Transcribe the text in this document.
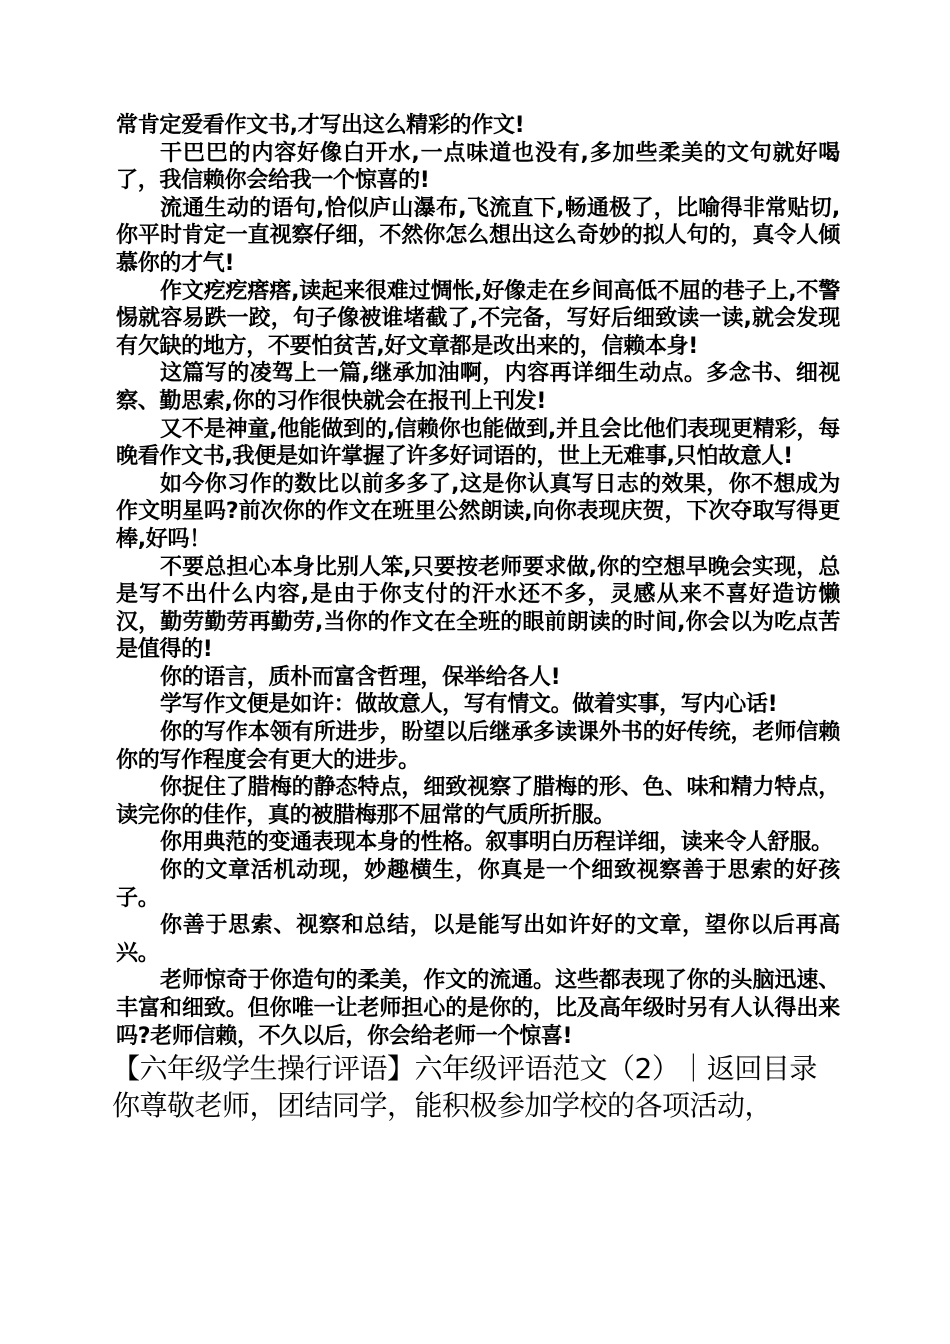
常肯定爱看作文书,才写出这么精彩的作文!

干巴巴的内容好像白开水,一点味道也没有,多加些柔美的文句就好喝了，我信赖你会给我一个惊喜的!

流通生动的语句,恰似庐山瀑布,飞流直下,畅通极了，比喻得非常贴切,你平时肯定一直视察仔细，不然你怎么想出这么奇妙的拟人句的，真令人倾慕你的才气!

作文疙疙瘩瘩,读起来很难过惆怅,好像走在乡间高低不屈的巷子上,不警惕就容易跌一跤，句子像被谁堵截了,不完备，写好后细致读一读,就会发现有欠缺的地方，不要怕贫苦,好文章都是改出来的，信赖本身!

这篇写的凌驾上一篇,继承加油啊，内容再详细生动点。多念书、细视察、勤思索,你的习作很快就会在报刊上刊发!

又不是神童,他能做到的,信赖你也能做到,并且会比他们表现更精彩，每晚看作文书,我便是如许掌握了许多好词语的，世上无难事,只怕故意人!

如今你习作的数比以前多多了,这是你认真写日志的效果，你不想成为作文明星吗?前次你的作文在班里公然朗读,向你表现庆贺，下次夺取写得更棒,好吗！

不要总担心本身比别人笨,只要按老师要求做,你的空想早晚会实现，总是写不出什么内容,是由于你支付的汗水还不多，灵感从来不喜好造访懒汉，勤劳勤劳再勤劳,当你的作文在全班的眼前朗读的时间,你会以为吃点苦是值得的!

你的语言，质朴而富含哲理，保举给各人!

学写作文便是如许：做故意人，写有情文。做着实事，写内心话!

你的写作本领有所进步，盼望以后继承多读课外书的好传统，老师信赖你的写作程度会有更大的进步。

你捉住了腊梅的静态特点，细致视察了腊梅的形、色、味和精力特点，读完你的佳作，真的被腊梅那不屈常的气质所折服。

你用典范的变通表现本身的性格。叙事明白历程详细，读来令人舒服。

你的文章活机动现，妙趣横生，你真是一个细致视察善于思索的好孩子。

你善于思索、视察和总结，以是能写出如许好的文章，望你以后再高兴。

老师惊奇于你造句的柔美，作文的流通。这些都表现了你的头脑迅速、丰富和细致。但你唯一让老师担心的是你的，比及高年级时另有人认得出来吗?老师信赖，不久以后，你会给老师一个惊喜!

【六年级学生操行评语】六年级评语范文（2）｜返回目录你尊敬老师，团结同学，能积极参加学校的各项活动，
